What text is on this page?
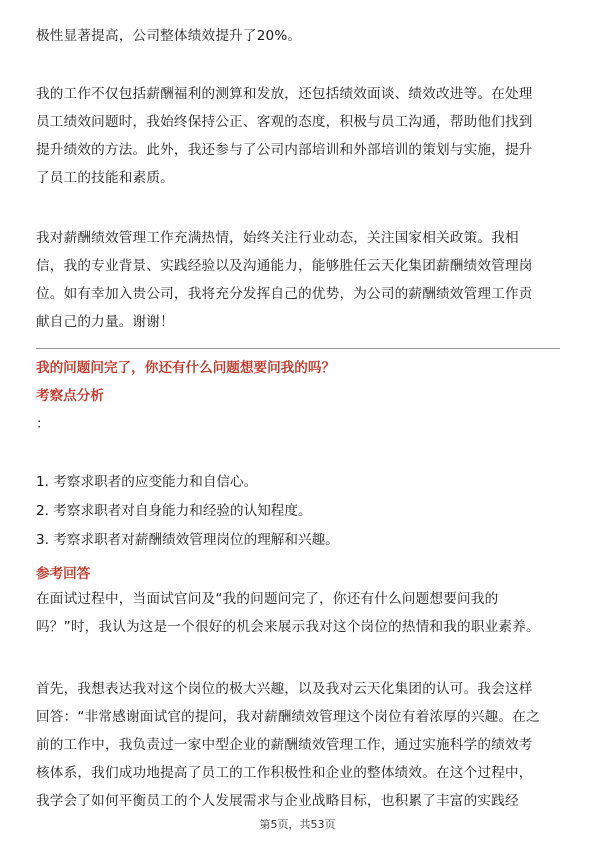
极性显著提高，公司整体绩效提升了20%。
我的工作不仅包括薪酬福利的测算和发放，还包括绩效面谈、绩效改进等。在处理
员工绩效问题时，我始终保持公正、客观的态度，积极与员工沟通，帮助他们找到
提升绩效的方法。此外，我还参与了公司内部培训和外部培训的策划与实施，提升
了员工的技能和素质。
我对薪酬绩效管理工作充满热情，始终关注行业动态，关注国家相关政策。我相
信，我的专业背景、实践经验以及沟通能力，能够胜任云天化集团薪酬绩效管理岗
位。如有幸加入贵公司，我将充分发挥自己的优势，为公司的薪酬绩效管理工作贡
献自己的力量。谢谢！
我的问题问完了，你还有什么问题想要问我的吗？
考察点分析
：
1. 考察求职者的应变能力和自信心。
2. 考察求职者对自身能力和经验的认知程度。
3. 考察求职者对薪酬绩效管理岗位的理解和兴趣。
参考回答
在面试过程中，当面试官问及“我的问题问完了，你还有什么问题想要问我的
吗？”时，我认为这是一个很好的机会来展示我对这个岗位的热情和我的职业素养。
首先，我想表达我对这个岗位的极大兴趣，以及我对云天化集团的认可。我会这样
回答：“非常感谢面试官的提问，我对薪酬绩效管理这个岗位有着浓厚的兴趣。在之
前的工作中，我负责过一家中型企业的薪酬绩效管理工作，通过实施科学的绩效考
核体系，我们成功地提高了员工的工作积极性和企业的整体绩效。在这个过程中，
我学会了如何平衡员工的个人发展需求与企业战略目标，也积累了丰富的实践经
第5页，共53页
